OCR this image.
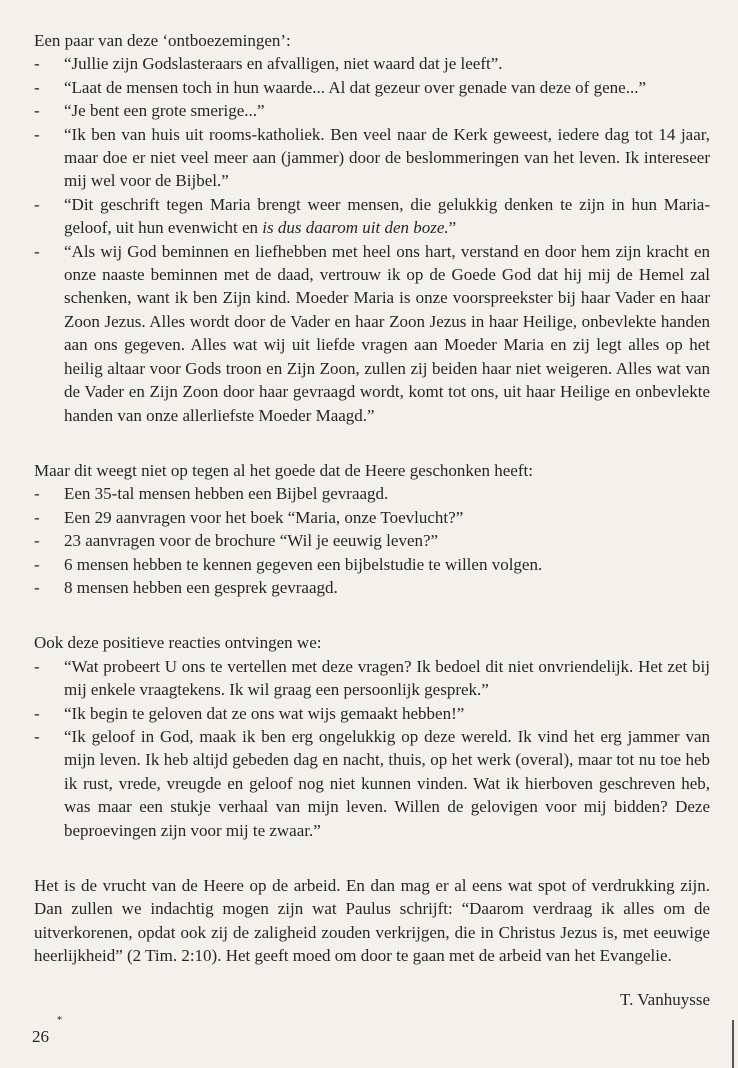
Een paar van deze ‘ontboezemingen’:

- “Jullie zijn Godslasteraars en afvalligen, niet waard dat je leeft”.
- “Laat de mensen toch in hun waarde... Al dat gezeur over genade van deze of gene...”
- “Je bent een grote smerige...”
- “Ik ben van huis uit rooms-katholiek. Ben veel naar de Kerk geweest, iedere dag tot 14 jaar, maar doe er niet veel meer aan (jammer) door de beslommeringen van het leven. Ik intereseer mij wel voor de Bijbel.”
- “Dit geschrift tegen Maria brengt weer mensen, die gelukkig denken te zijn in hun Maria-geloof, uit hun evenwicht en is dus daarom uit den boze.”
- “Als wij God beminnen en liefhebben met heel ons hart, verstand en door hem zijn kracht en onze naaste beminnen met de daad, vertrouw ik op de Goede God dat hij mij de Hemel zal schenken, want ik ben Zijn kind. Moeder Maria is onze voorspreekster bij haar Vader en haar Zoon Jezus. Alles wordt door de Vader en haar Zoon Jezus in haar Heilige, onbevlekte handen aan ons gegeven. Alles wat wij uit liefde vragen aan Moeder Maria en zij legt alles op het heilig altaar voor Gods troon en Zijn Zoon, zullen zij beiden haar niet weigeren. Alles wat van de Vader en Zijn Zoon door haar gevraagd wordt, komt tot ons, uit haar Heilige en onbevlekte handen van onze allerliefste Moeder Maagd.”

Maar dit weegt niet op tegen al het goede dat de Heere geschonken heeft:

- Een 35-tal mensen hebben een Bijbel gevraagd.
- Een 29 aanvragen voor het boek “Maria, onze Toevlucht?”
- 23 aanvragen voor de brochure “Wil je eeuwig leven?”
- 6 mensen hebben te kennen gegeven een bijbelstudie te willen volgen.
- 8 mensen hebben een gesprek gevraagd.

Ook deze positieve reacties ontvingen we:

- “Wat probeert U ons te vertellen met deze vragen? Ik bedoel dit niet onvriendelijk. Het zet bij mij enkele vraagtekens. Ik wil graag een persoonlijk gesprek.”
- “Ik begin te geloven dat ze ons wat wijs gemaakt hebben!”
- “Ik geloof in God, maak ik ben erg ongelukkig op deze wereld. Ik vind het erg jammer van mijn leven. Ik heb altijd gebeden dag en nacht, thuis, op het werk (overal), maar tot nu toe heb ik rust, vrede, vreugde en geloof nog niet kunnen vinden. Wat ik hierboven geschreven heb, was maar een stukje verhaal van mijn leven. Willen de gelovigen voor mij bidden? Deze beproevingen zijn voor mij te zwaar.”

Het is de vrucht van de Heere op de arbeid. En dan mag er al eens wat spot of verdrukking zijn. Dan zullen we indachtig mogen zijn wat Paulus schrijft: “Daarom verdraag ik alles om de uitverkorenen, opdat ook zij de zaligheid zouden verkrijgen, die in Christus Jezus is, met eeuwige heerlijkheid” (2 Tim. 2:10). Het geeft moed om door te gaan met de arbeid van het Evangelie.

T. Vanhuysse

*
26
